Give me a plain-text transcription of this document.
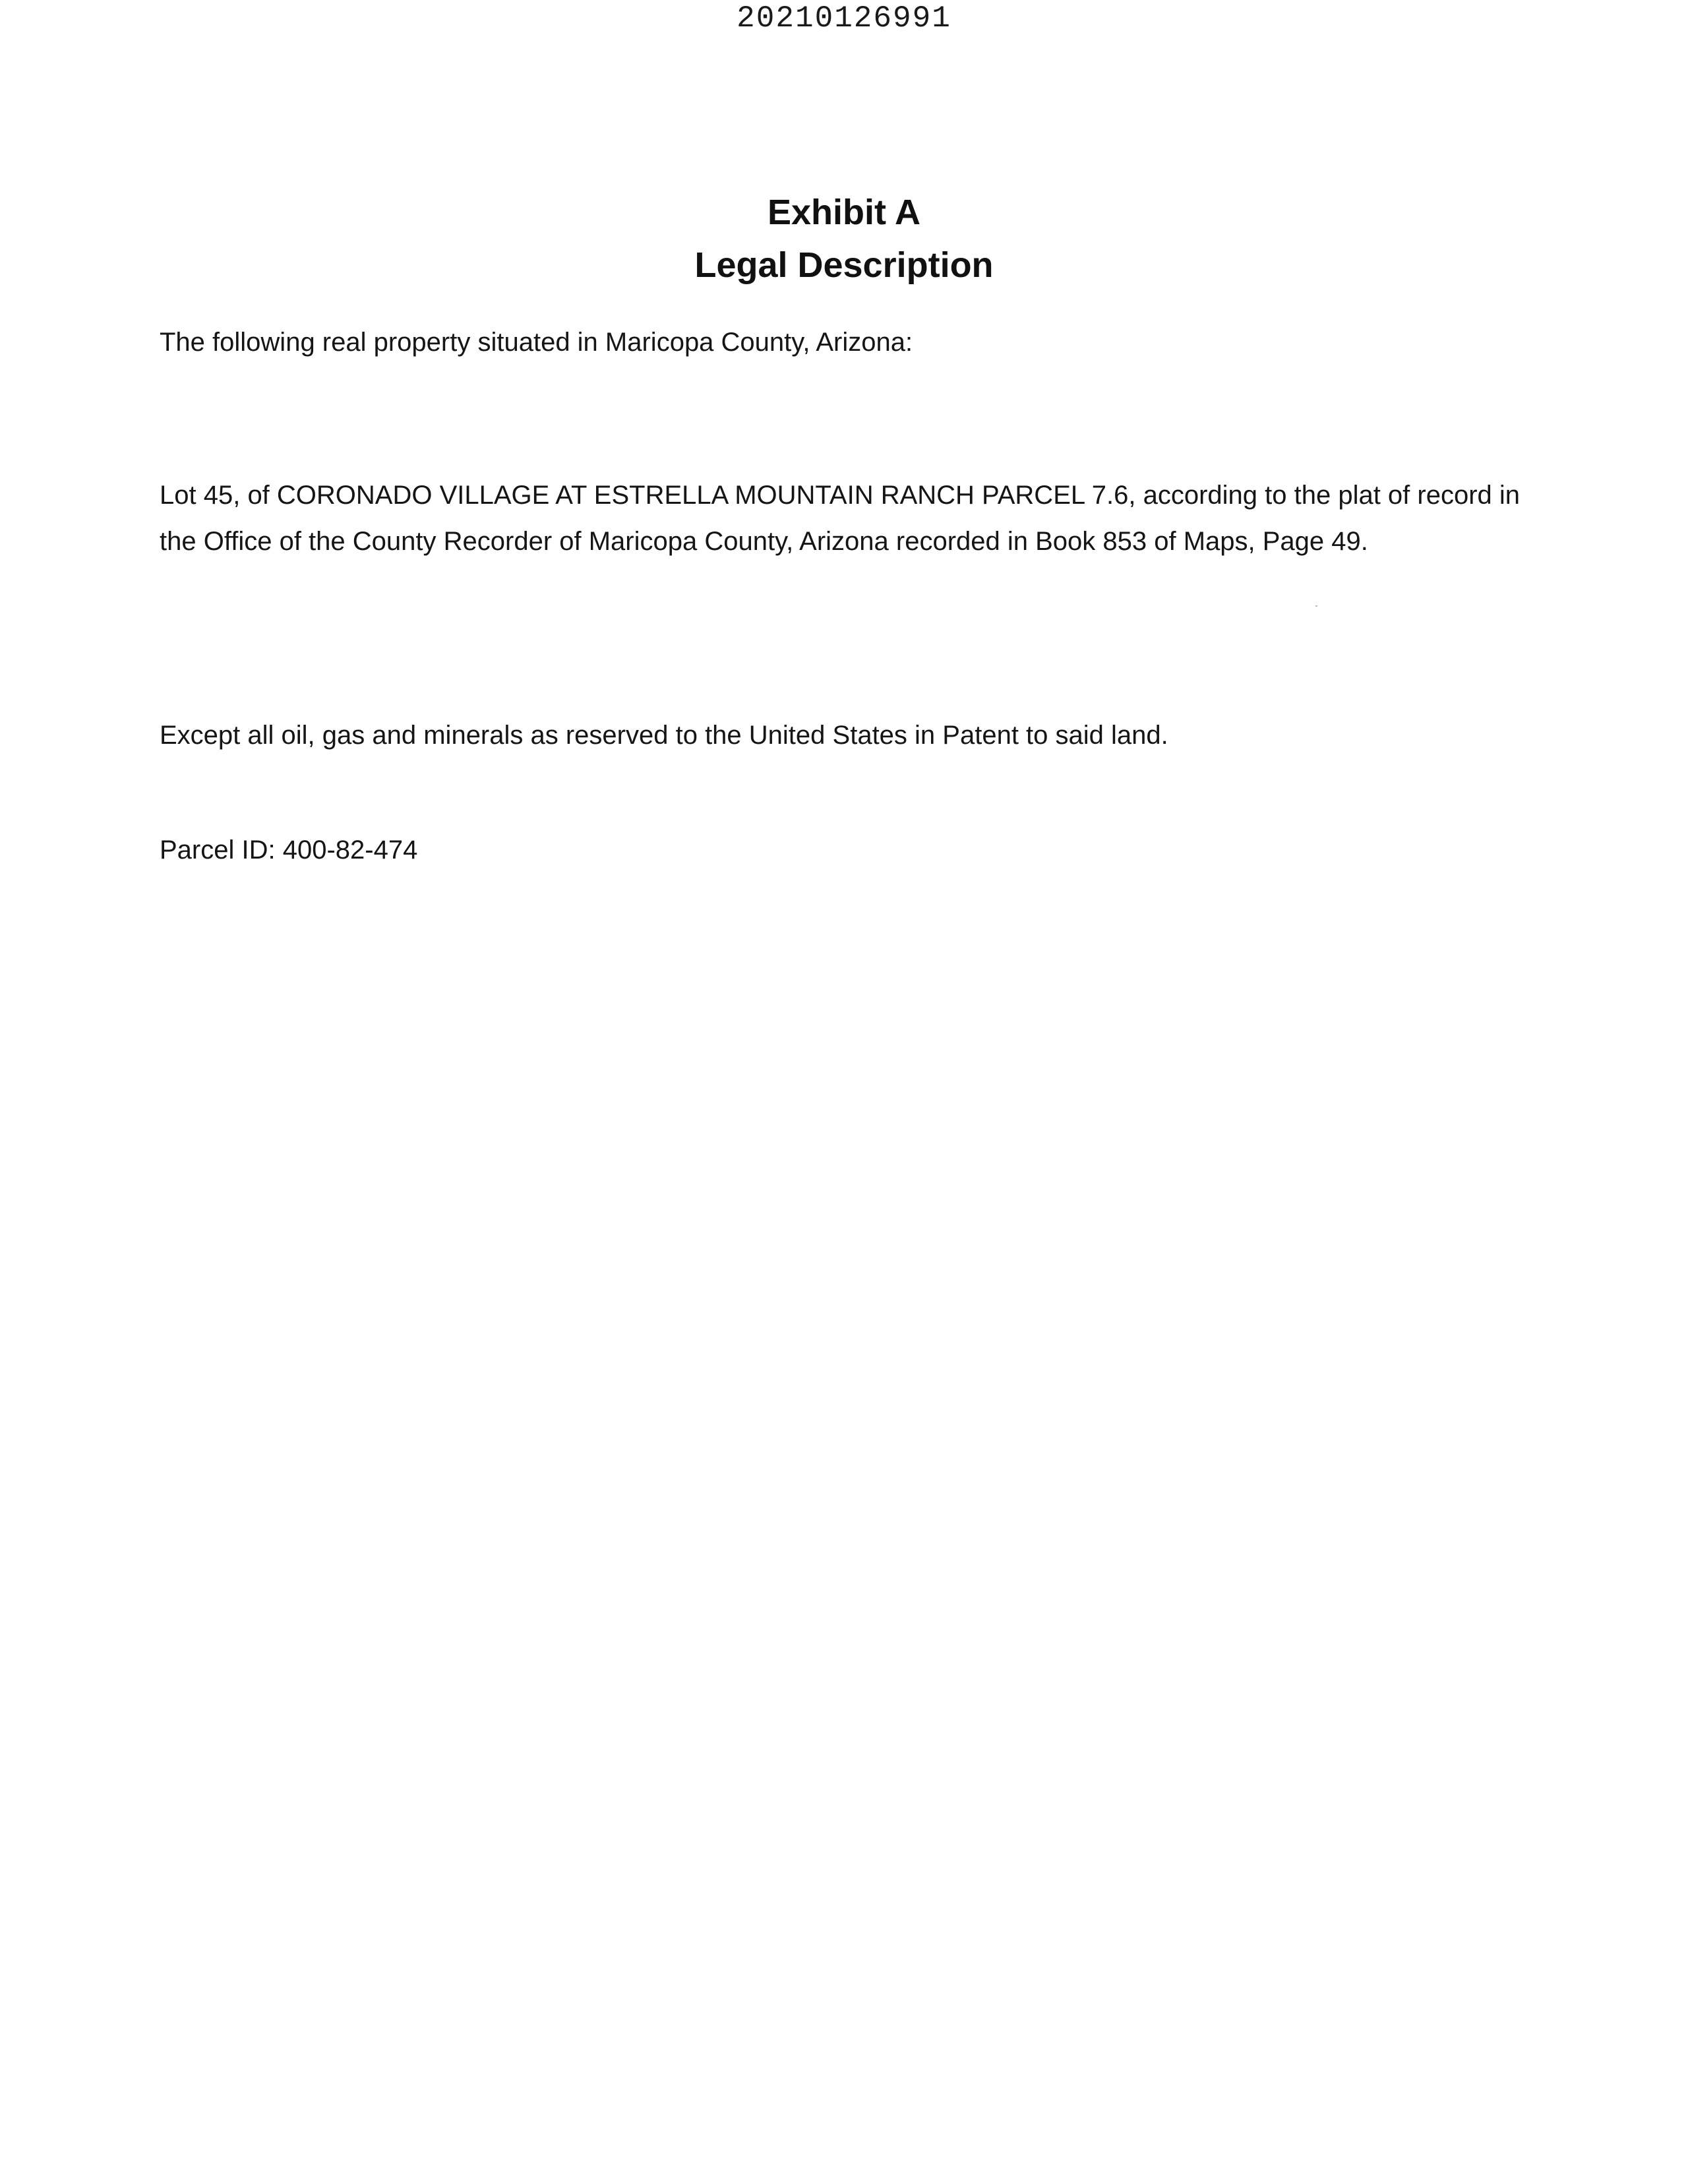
20210126991
Exhibit A
Legal Description

The following real property situated in Maricopa County, Arizona:

Lot 45, of CORONADO VILLAGE AT ESTRELLA MOUNTAIN RANCH PARCEL 7.6, according to the plat of record in the Office of the County Recorder of Maricopa County, Arizona recorded in Book 853 of Maps, Page 49.

Except all oil, gas and minerals as reserved to the United States in Patent to said land.

Parcel ID: 400-82-474
